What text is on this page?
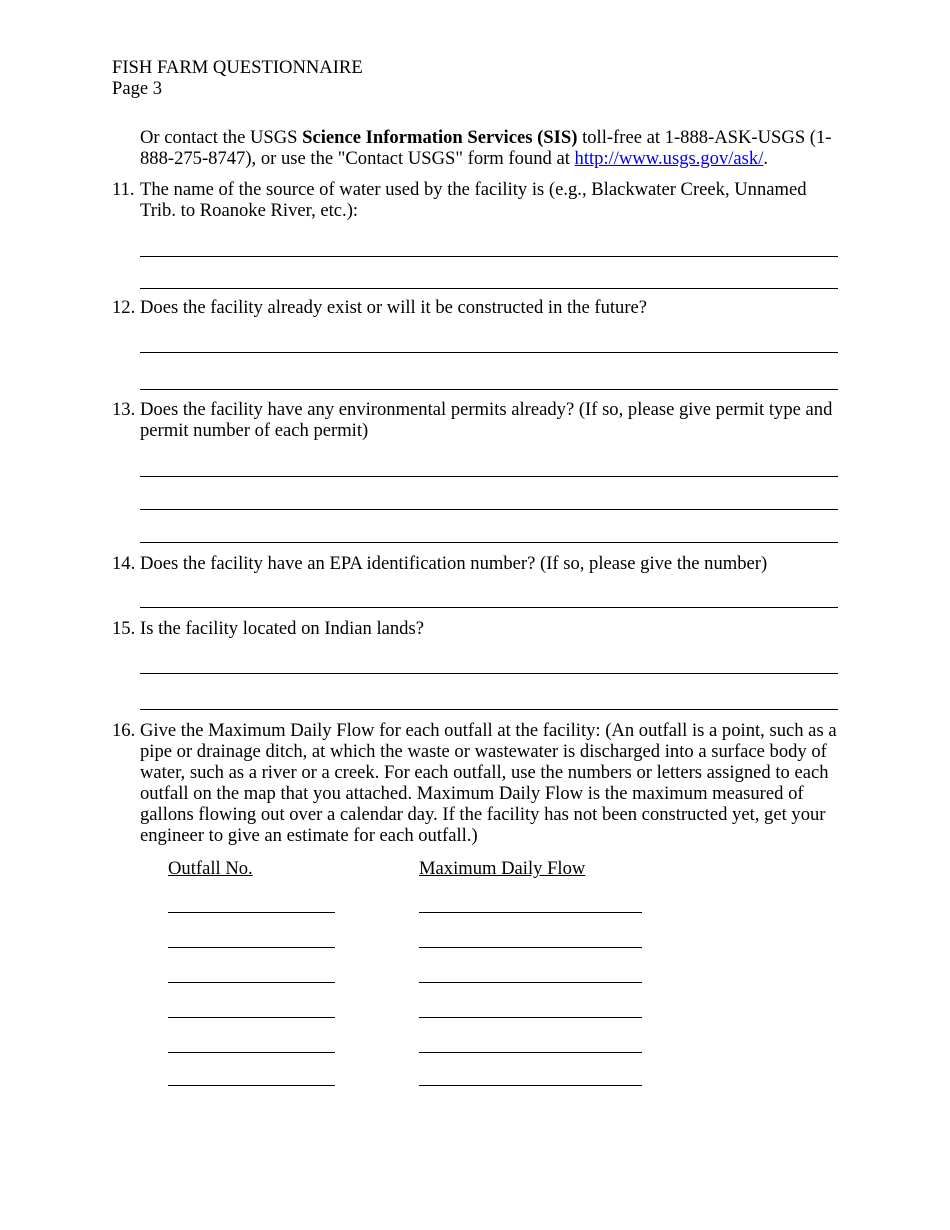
FISH FARM QUESTIONNAIRE
Page 3
Or contact the USGS Science Information Services (SIS) toll-free at 1-888-ASK-USGS (1-888-275-8747), or use the "Contact USGS" form found at http://www.usgs.gov/ask/.
11. The name of the source of water used by the facility is (e.g., Blackwater Creek, Unnamed Trib. to Roanoke River, etc.):
12. Does the facility already exist or will it be constructed in the future?
13. Does the facility have any environmental permits already? (If so, please give permit type and permit number of each permit)
14. Does the facility have an EPA identification number? (If so, please give the number)
15. Is the facility located on Indian lands?
16. Give the Maximum Daily Flow for each outfall at the facility: (An outfall is a point, such as a pipe or drainage ditch, at which the waste or wastewater is discharged into a surface body of water, such as a river or a creek. For each outfall, use the numbers or letters assigned to each outfall on the map that you attached. Maximum Daily Flow is the maximum measured of gallons flowing out over a calendar day. If the facility has not been constructed yet, get your engineer to give an estimate for each outfall.)
Outfall No.	Maximum Daily Flow
